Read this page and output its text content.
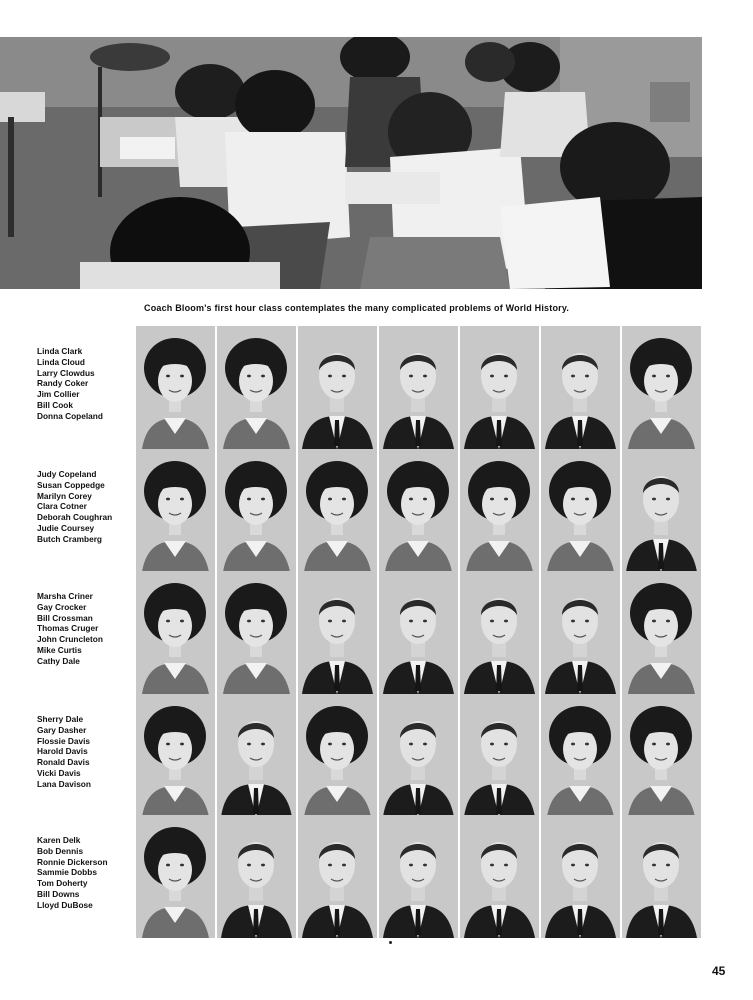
Coach Bloom's first hour class contemplates the many complicated problems of World History.
Linda Clark
Linda Cloud
Larry Clowdus
Randy Coker
Jim Collier
Bill Cook
Donna Copeland
Judy Copeland
Susan Coppedge
Marilyn Corey
Clara Cotner
Deborah Coughran
Judie Coursey
Butch Cramberg
Marsha Criner
Gay Crocker
Bill Crossman
Thomas Cruger
John Cruncleton
Mike Curtis
Cathy Dale
Sherry Dale
Gary Dasher
Flossie Davis
Harold Davis
Ronald Davis
Vicki Davis
Lana Davison
Karen Delk
Bob Dennis
Ronnie Dickerson
Sammie Dobbs
Tom Doherty
Bill Downs
Lloyd DuBose
45
